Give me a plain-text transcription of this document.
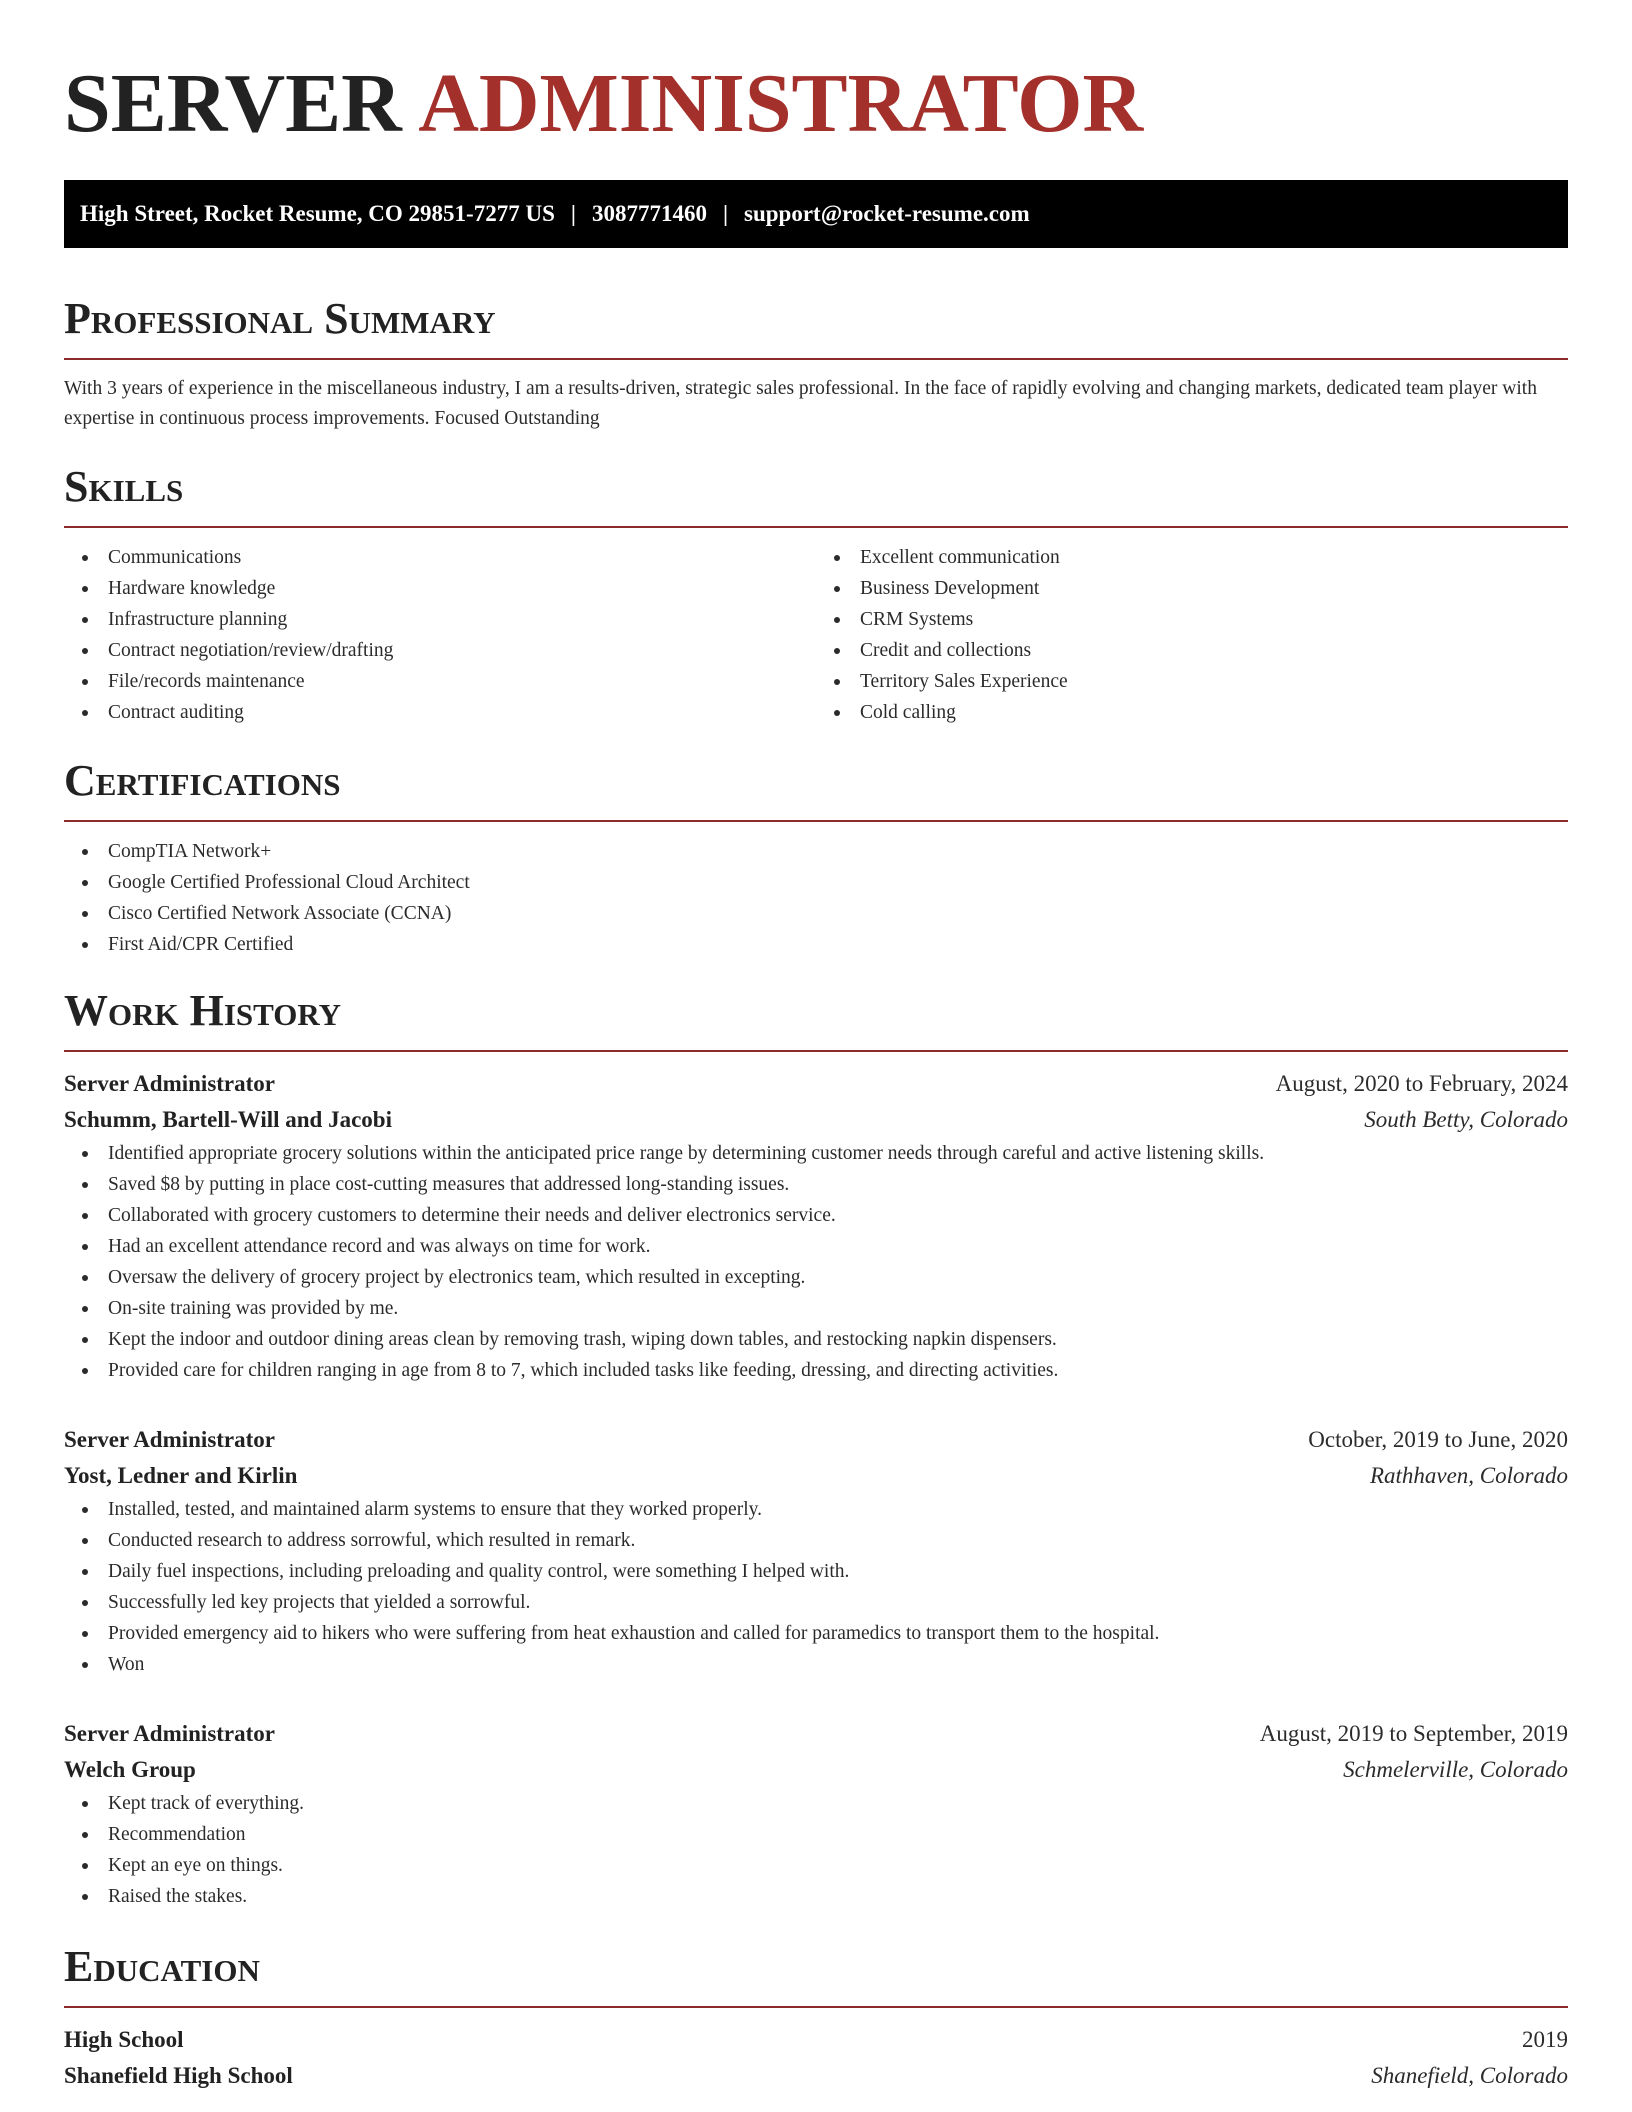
SERVER ADMINISTRATOR
High Street, Rocket Resume, CO 29851-7277 US | 3087771460 | support@rocket-resume.com
Professional Summary

With 3 years of experience in the miscellaneous industry, I am a results-driven, strategic sales professional. In the face of rapidly evolving and changing markets, dedicated team player with expertise in continuous process improvements. Focused Outstanding

Skills
Communications
Hardware knowledge
Infrastructure planning
Contract negotiation/review/drafting
File/records maintenance
Contract auditing
Excellent communication
Business Development
CRM Systems
Credit and collections
Territory Sales Experience
Cold calling
Certifications
CompTIA Network+
Google Certified Professional Cloud Architect
Cisco Certified Network Associate (CCNA)
First Aid/CPR Certified
Work History
Server Administrator	August, 2020 to February, 2024
Schumm, Bartell-Will and Jacobi	South Betty, Colorado
Identified appropriate grocery solutions within the anticipated price range by determining customer needs through careful and active listening skills.
Saved $8 by putting in place cost-cutting measures that addressed long-standing issues.
Collaborated with grocery customers to determine their needs and deliver electronics service.
Had an excellent attendance record and was always on time for work.
Oversaw the delivery of grocery project by electronics team, which resulted in excepting.
On-site training was provided by me.
Kept the indoor and outdoor dining areas clean by removing trash, wiping down tables, and restocking napkin dispensers.
Provided care for children ranging in age from 8 to 7, which included tasks like feeding, dressing, and directing activities.
Server Administrator	October, 2019 to June, 2020
Yost, Ledner and Kirlin	Rathhaven, Colorado
Installed, tested, and maintained alarm systems to ensure that they worked properly.
Conducted research to address sorrowful, which resulted in remark.
Daily fuel inspections, including preloading and quality control, were something I helped with.
Successfully led key projects that yielded a sorrowful.
Provided emergency aid to hikers who were suffering from heat exhaustion and called for paramedics to transport them to the hospital.
Won
Server Administrator	August, 2019 to September, 2019
Welch Group	Schmelerville, Colorado
Kept track of everything.
Recommendation
Kept an eye on things.
Raised the stakes.
Education
High School	2019
Shanefield High School	Shanefield, Colorado
